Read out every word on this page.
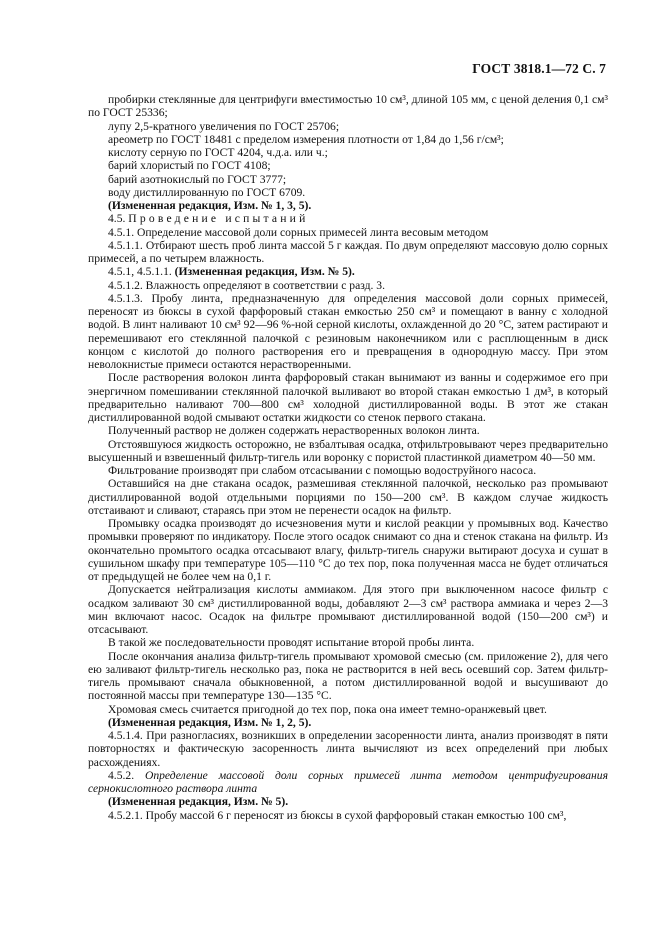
ГОСТ 3818.1—72 С. 7

пробирки стеклянные для центрифуги вместимостью 10 см³, длиной 105 мм, с ценой деления 0,1 см³ по ГОСТ 25336;

лупу 2,5-кратного увеличения по ГОСТ 25706;

ареометр по ГОСТ 18481 с пределом измерения плотности от 1,84 до 1,56 г/см³;

кислоту серную по ГОСТ 4204, ч.д.а. или ч.;

барий хлористый по ГОСТ 4108;

барий азотнокислый по ГОСТ 3777;

воду дистиллированную по ГОСТ 6709.

(Измененная редакция, Изм. № 1, 3, 5).

4.5. Проведение испытаний

4.5.1. Определение массовой доли сорных примесей линта весовым методом

4.5.1.1. Отбирают шесть проб линта массой 5 г каждая. По двум определяют массовую долю сорных примесей, а по четырем влажность.

4.5.1, 4.5.1.1. (Измененная редакция, Изм. № 5).

4.5.1.2. Влажность определяют в соответствии с разд. 3.

4.5.1.3. Пробу линта, предназначенную для определения массовой доли сорных примесей, переносят из бюксы в сухой фарфоровый стакан емкостью 250 см³ и помещают в ванну с холодной водой. В линт наливают 10 см³ 92—96 %-ной серной кислоты, охлажденной до 20 °С, затем растирают и перемешивают его стеклянной палочкой с резиновым наконечником или с расплющенным в диск концом с кислотой до полного растворения его и превращения в однородную массу. При этом неволокнистые примеси остаются нерастворенными.

После растворения волокон линта фарфоровый стакан вынимают из ванны и содержимое его при энергичном помешивании стеклянной палочкой выливают во второй стакан емкостью 1 дм³, в который предварительно наливают 700—800 см³ холодной дистиллированной воды. В этот же стакан дистиллированной водой смывают остатки жидкости со стенок первого стакана.

Полученный раствор не должен содержать нерастворенных волокон линта.

Отстоявшуюся жидкость осторожно, не взбалтывая осадка, отфильтровывают через предварительно высушенный и взвешенный фильтр-тигель или воронку с пористой пластинкой диаметром 40—50 мм.

Фильтрование производят при слабом отсасывании с помощью водоструйного насоса.

Оставшийся на дне стакана осадок, размешивая стеклянной палочкой, несколько раз промывают дистиллированной водой отдельными порциями по 150—200 см³. В каждом случае жидкость отстаивают и сливают, стараясь при этом не перенести осадок на фильтр.

Промывку осадка производят до исчезновения мути и кислой реакции у промывных вод. Качество промывки проверяют по индикатору. После этого осадок снимают со дна и стенок стакана на фильтр. Из окончательно промытого осадка отсасывают влагу, фильтр-тигель снаружи вытирают досуха и сушат в сушильном шкафу при температуре 105—110 °С до тех пор, пока полученная масса не будет отличаться от предыдущей не более чем на 0,1 г.

Допускается нейтрализация кислоты аммиаком. Для этого при выключенном насосе фильтр с осадком заливают 30 см³ дистиллированной воды, добавляют 2—3 см³ раствора аммиака и через 2—3 мин включают насос. Осадок на фильтре промывают дистиллированной водой (150—200 см³) и отсасывают.

В такой же последовательности проводят испытание второй пробы линта.

После окончания анализа фильтр-тигель промывают хромовой смесью (см. приложение 2), для чего ею заливают фильтр-тигель несколько раз, пока не растворится в ней весь осевший сор. Затем фильтр-тигель промывают сначала обыкновенной, а потом дистиллированной водой и высушивают до постоянной массы при температуре 130—135 °С.

Хромовая смесь считается пригодной до тех пор, пока она имеет темно-оранжевый цвет.

(Измененная редакция, Изм. № 1, 2, 5).

4.5.1.4. При разногласиях, возникших в определении засоренности линта, анализ производят в пяти повторностях и фактическую засоренность линта вычисляют из всех определений при любых расхождениях.

4.5.2. Определение массовой доли сорных примесей линта методом центрифугирования сернокислотного раствора линта

(Измененная редакция, Изм. № 5).

4.5.2.1. Пробу массой 6 г переносят из бюксы в сухой фарфоровый стакан емкостью 100 см³,
